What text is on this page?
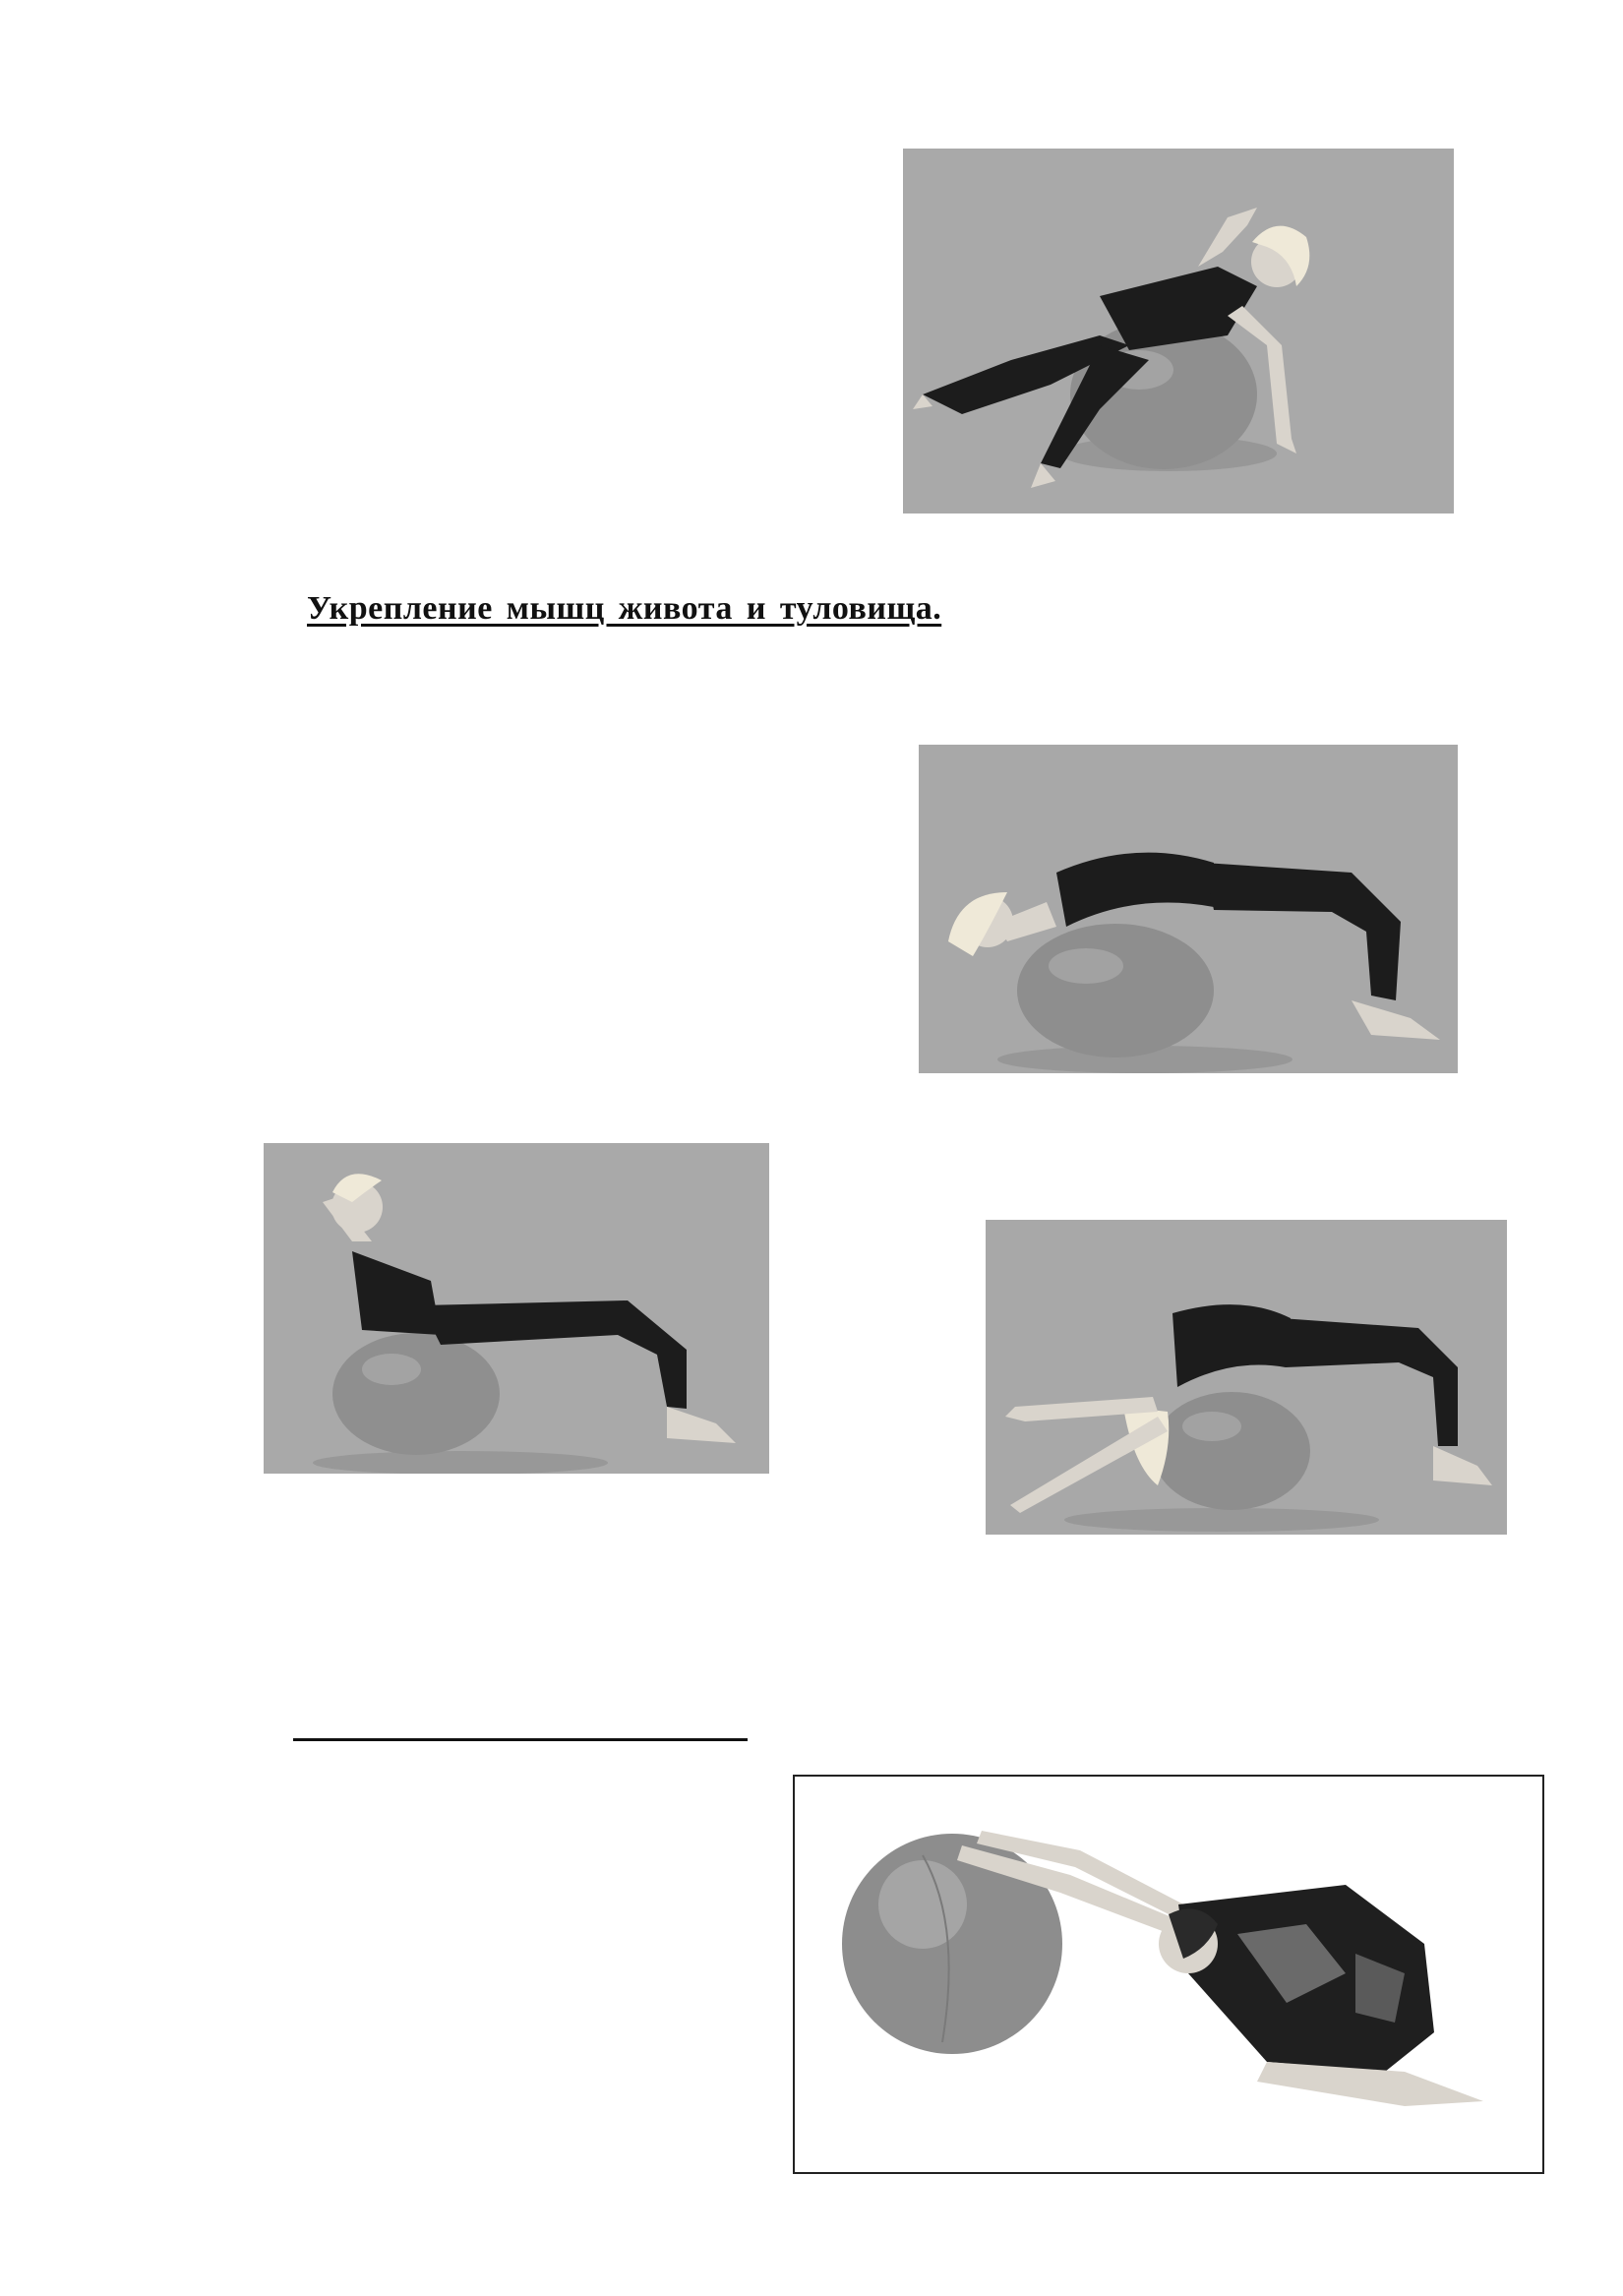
Укрепление мышц живота и туловища.
